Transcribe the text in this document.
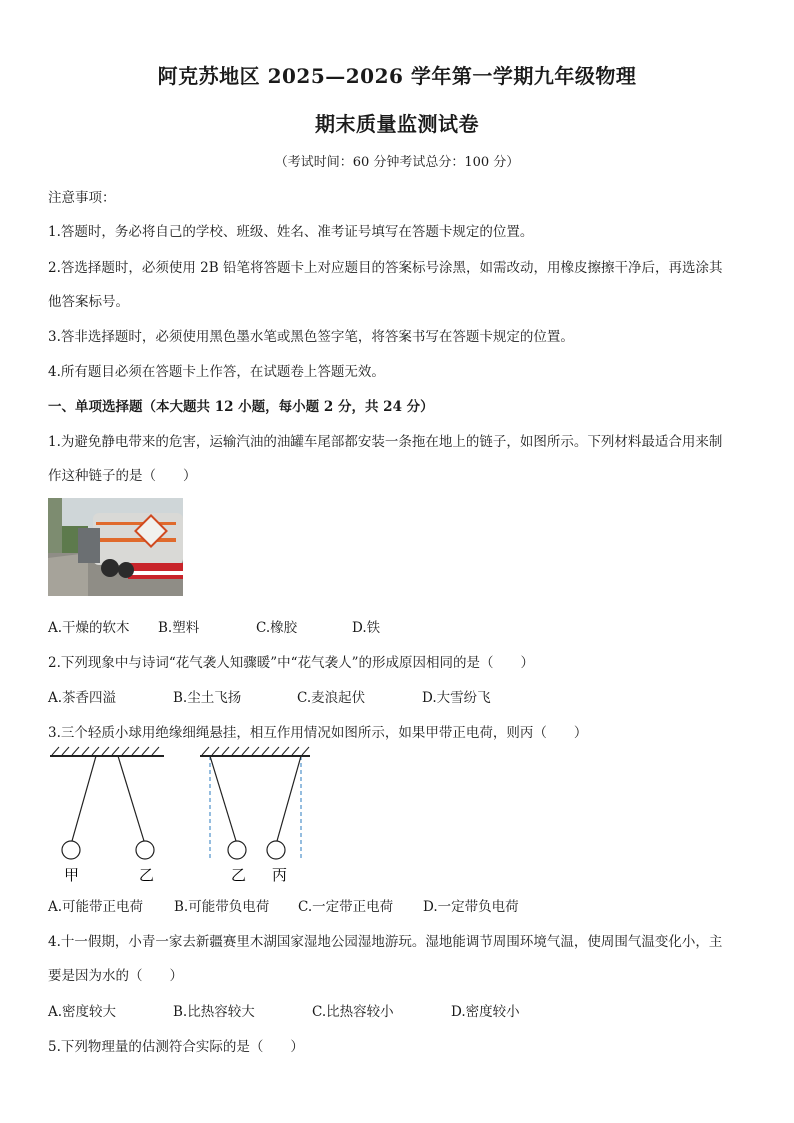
阿克苏地区 2025—2026 学年第一学期九年级物理
期末质量监测试卷
（考试时间：60 分钟考试总分：100 分）
注意事项：
1.答题时，务必将自己的学校、班级、姓名、准考证号填写在答题卡规定的位置。
2.答选择题时，必须使用 2B 铅笔将答题卡上对应题目的答案标号涂黑，如需改动，用橡皮擦擦干净后，再选涂其
他答案标号。
3.答非选择题时，必须使用黑色墨水笔或黑色签字笔，将答案书写在答题卡规定的位置。
4.所有题目必须在答题卡上作答，在试题卷上答题无效。
一、单项选择题（本大题共 12 小题，每小题 2 分，共 24 分）
1.为避免静电带来的危害，运输汽油的油罐车尾部都安装一条拖在地上的链子，如图所示。下列材料最适合用来制
作这种链子的是（　　）
A.干燥的软木 B.塑料	C.橡胶	D.铁
2.下列现象中与诗词“花气袭人知骤暖”中“花气袭人”的形成原因相同的是（　　）
A.茶香四溢	B.尘土飞扬	C.麦浪起伏	D.大雪纷飞
3.三个轻质小球用绝缘细绳悬挂，相互作用情况如图所示，如果甲带正电荷，则丙（　　）
甲	乙	乙 丙
A.可能带正电荷 B.可能带负电荷 C.一定带正电荷 D.一定带负电荷
4.十一假期，小青一家去新疆赛里木湖国家湿地公园湿地游玩。湿地能调节周围环境气温，使周围气温变化小，主
要是因为水的（　　）
A.密度较大	B.比热容较大	C.比热容较小	D.密度较小
5.下列物理量的估测符合实际的是（　　）
